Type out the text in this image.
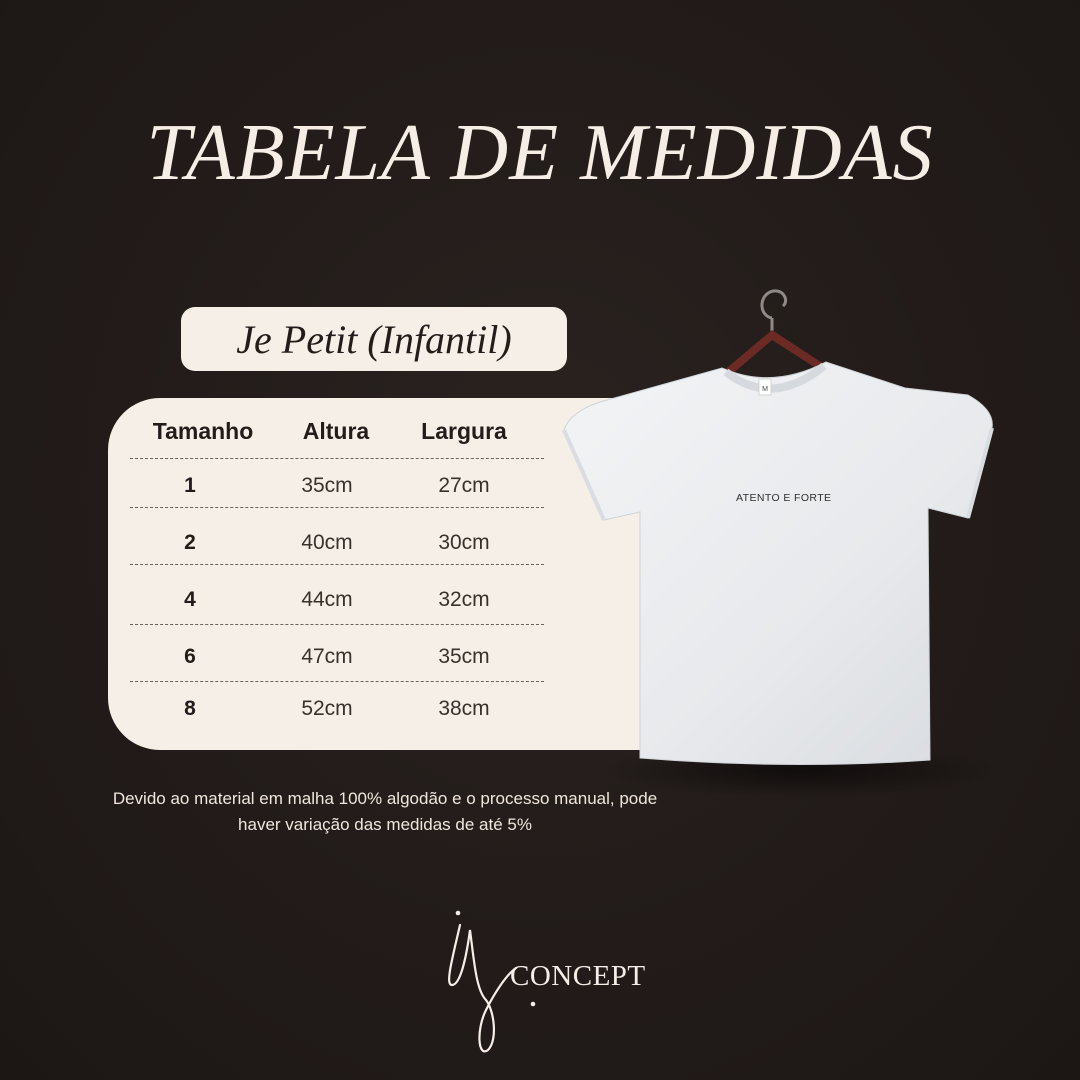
TABELA DE MEDIDAS
Je Petit (Infantil)
Tamanho Altura Largura
1	35cm	27cm
2	40cm	30cm
4	44cm	32cm
6	47cm	35cm
8	52cm	38cm
M
ATENTO E FORTE
Devido ao material em malha 100% algodão e o processo manual, pode haver variação das medidas de até 5%
CONCEPT
